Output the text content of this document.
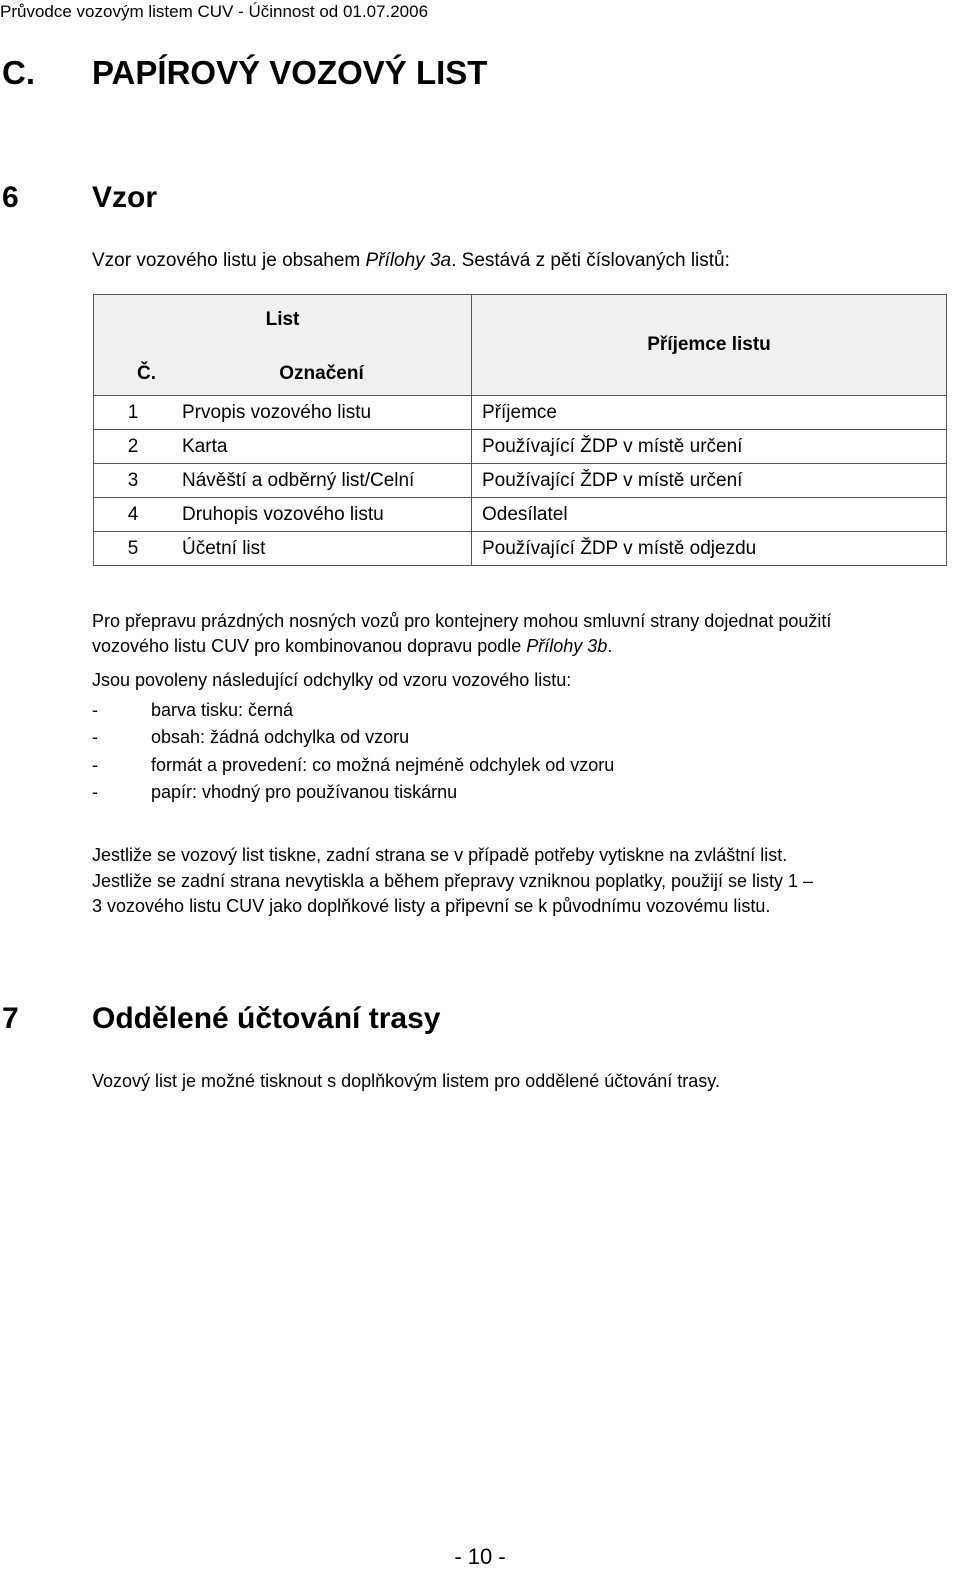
Průvodce vozovým listem CUV - Účinnost od 01.07.2006
C. PAPÍROVÝ VOZOVÝ LIST
6 Vzor
Vzor vozového listu je obsahem Přílohy 3a. Sestává z pěti číslovaných listů:
List		Příjemce listu
Č.	Označení	
1	Prvopis vozového listu	Příjemce
2	Karta	Používající ŽDP v místě určení
3	Návěští a odběrný list/Celní	Používající ŽDP v místě určení
4	Druhopis vozového listu	Odesílatel
5	Účetní list	Používající ŽDP v místě odjezdu
Pro přepravu prázdných nosných vozů pro kontejnery mohou smluvní strany dojednat použití
vozového listu CUV pro kombinovanou dopravu podle Přílohy 3b.
Jsou povoleny následující odchylky od vzoru vozového listu:
-	barva tisku: černá
-	obsah: žádná odchylka od vzoru
-	formát a provedení: co možná nejméně odchylek od vzoru
-	papír: vhodný pro používanou tiskárnu
Jestliže se vozový list tiskne, zadní strana se v případě potřeby vytiskne na zvláštní list.
Jestliže se zadní strana nevytiskla a během přepravy vzniknou poplatky, použijí se listy 1 –
3 vozového listu CUV jako doplňkové listy a připevní se k původnímu vozovému listu.
7 Oddělené účtování trasy
Vozový list je možné tisknout s doplňkovým listem pro oddělené účtování trasy.
- 10 -
